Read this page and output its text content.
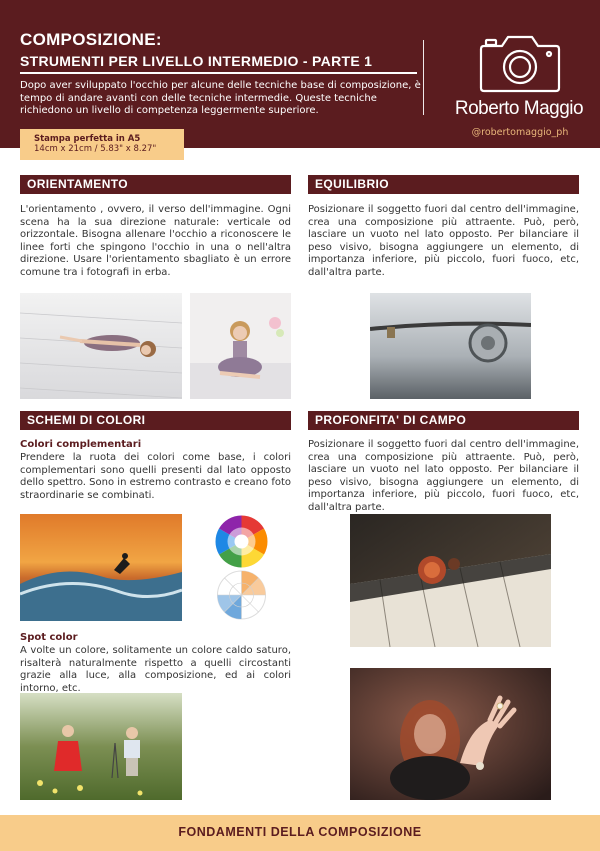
COMPOSIZIONE:
STRUMENTI PER LIVELLO INTERMEDIO - PARTE 1
Dopo aver sviluppato l'occhio per alcune delle tecniche base di composizione, è tempo di andare avanti con delle tecniche intermedie. Queste tecniche richiedono un livello di competenza leggermente superiore.	Roberto Maggio
@robertomaggio_ph
Stampa perfetta in A5
14cm x 21cm / 5.83" x 8.27"
ORIENTAMENTO
L'orientamento , ovvero, il verso dell'immagine. Ogni scena ha la sua direzione naturale: verticale od orizzontale. Bisogna allenare l'occhio a riconoscere le linee forti che spingono l'occhio in una o nell'altra direzione. Usare l'orientamento sbagliato è un errore comune tra i fotografi in erba.
EQUILIBRIO
Posizionare il soggetto fuori dal centro dell'immagine, crea una composizione più attraente. Può, però, lasciare un vuoto nel lato opposto. Per bilanciare il peso visivo, bisogna aggiungere un elemento, di importanza inferiore, più piccolo, fuori fuoco, etc, dall'altra parte.
SCHEMI DI COLORI
Colori complementari
Prendere la ruota dei colori come base, i colori complementari sono quelli presenti dal lato opposto dello spettro. Sono in estremo contrasto e creano foto straordinarie se combinati.
Spot color
A volte un colore, solitamente un colore caldo saturo, risalterà naturalmente rispetto a quelli circostanti grazie alla luce, alla composizione, ed ai colori intorno, etc.
PROFONFITA' DI CAMPO
Posizionare il soggetto fuori dal centro dell'immagine, crea una composizione più attraente. Può, però, lasciare un vuoto nel lato opposto. Per bilanciare il peso visivo, bisogna aggiungere un elemento, di importanza inferiore, più piccolo, fuori fuoco, etc, dall'altra parte.
FONDAMENTI DELLA COMPOSIZIONE
